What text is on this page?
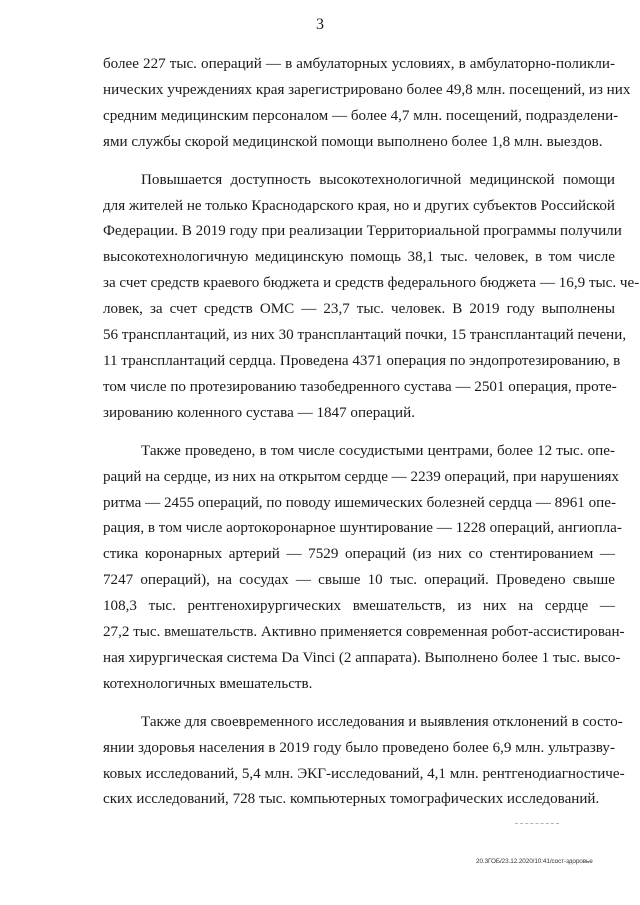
3

более 227 тыс. операций — в амбулаторных условиях, в амбулаторно-поликли-
нических учреждениях края зарегистрировано более 49,8 млн. посещений, из них
средним медицинским персоналом — более 4,7 млн. посещений, подразделени-
ями службы скорой медицинской помощи выполнено более 1,8 млн. выездов.

Повышается доступность высокотехнологичной медицинской помощи
для жителей не только Краснодарского края, но и других субъектов Российской
Федерации. В 2019 году при реализации Территориальной программы получили
высокотехнологичную медицинскую помощь 38,1 тыс. человек, в том числе
за счет средств краевого бюджета и средств федерального бюджета — 16,9 тыс. че-
ловек, за счет средств ОМС — 23,7 тыс. человек. В 2019 году выполнены
56 трансплантаций, из них 30 трансплантаций почки, 15 трансплантаций печени,
11 трансплантаций сердца. Проведена 4371 операция по эндопротезированию, в
том числе по протезированию тазобедренного сустава — 2501 операция, протe-
зированию коленного сустава — 1847 операций.

Также проведено, в том числе сосудистыми центрами, более 12 тыс. опе-
раций на сердце, из них на открытом сердце — 2239 операций, при нарушениях
ритма — 2455 операций, по поводу ишемических болезней сердца — 8961 опе-
рация, в том числе аортокоронарное шунтирование — 1228 операций, ангиопла-
стика коронарных артерий — 7529 операций (из них со стентированием —
7247 операций), на сосудах — свыше 10 тыс. операций. Проведено свыше
108,3 тыс. рентгенохирургических вмешательств, из них на сердце —
27,2 тыс. вмешательств. Активно применяется современная робот-ассистирован-
ная хирургическая система Da Vinci (2 аппарата). Выполнено более 1 тыс. высо-
котехнологичных вмешательств.

Также для своевременного исследования и выявления отклонений в состо-
янии здоровья населения в 2019 году было проведено более 6,9 млн. ультразву-
ковых исследований, 5,4 млн. ЭКГ-исследований, 4,1 млн. рентгенодиагностиче-
ских исследований, 728 тыс. компьютерных томографических исследований.

20.3ГОБ/23.12.2020/10:41/сост-здоровье
